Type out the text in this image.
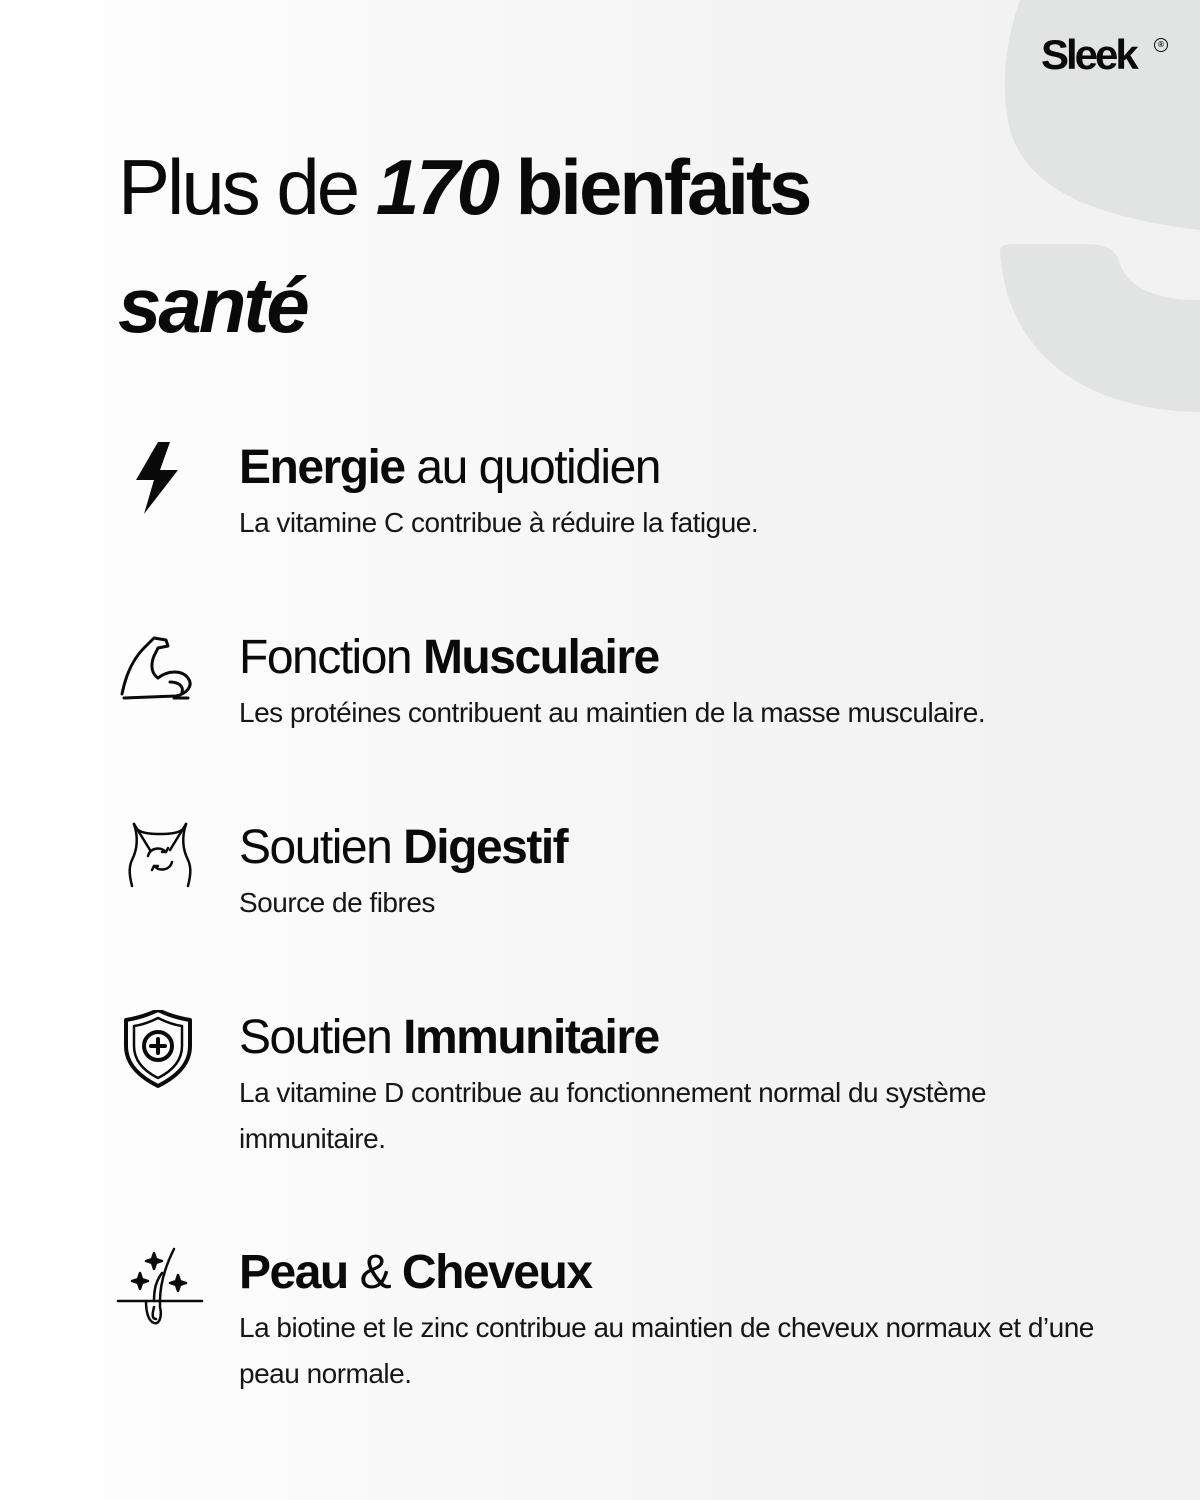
Sleek	®
Plus de 170 bienfaits
santé
Energie au quotidien

La vitamine C contribue à réduire la fatigue.

Fonction Musculaire

Les protéines contribuent au maintien de la masse musculaire.

Soutien Digestif

Source de fibres

Soutien Immunitaire

La vitamine D contribue au fonctionnement normal du système immunitaire.

Peau & Cheveux

La biotine et le zinc contribue au maintien de cheveux normaux et d’une peau normale.
